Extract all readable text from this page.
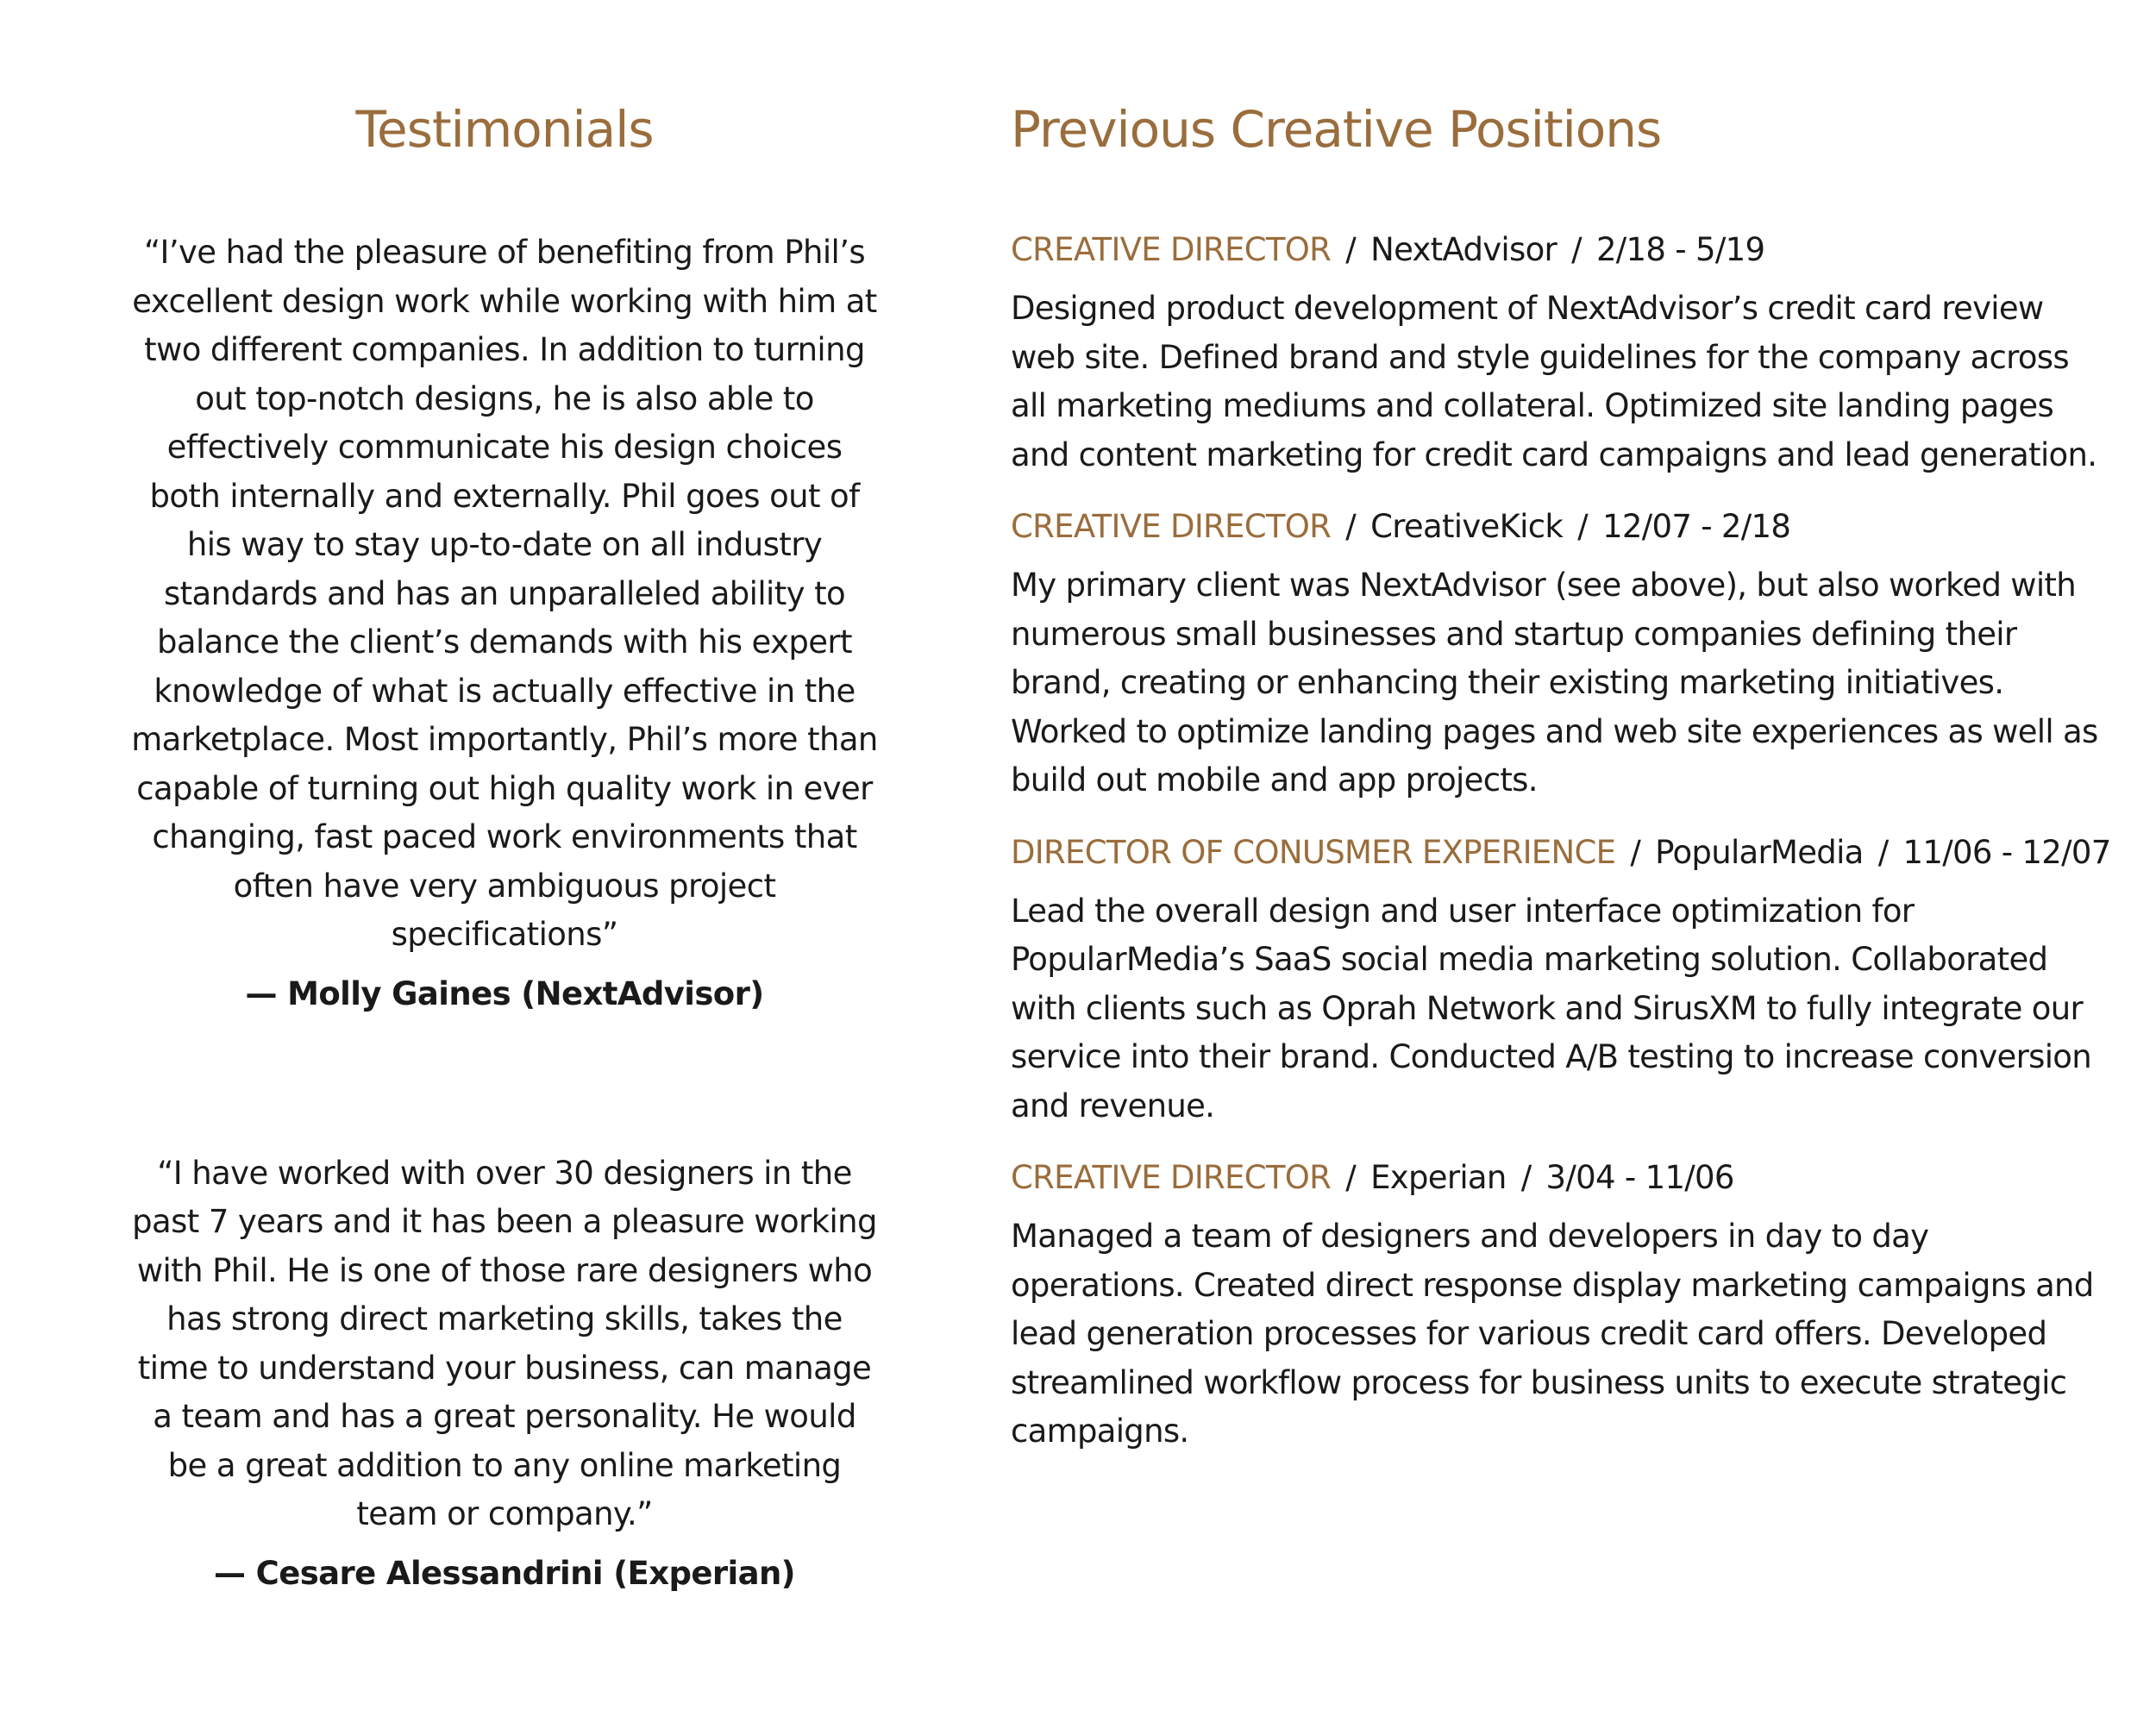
Testimonials

“I’ve had the pleasure of benefiting from Phil’s excellent design work while working with him at two different companies. In addition to turning out top-notch designs, he is also able to effectively communicate his design choices both internally and externally. Phil goes out of his way to stay up-to-date on all industry standards and has an unparalleled ability to balance the client’s demands with his expert knowledge of what is actually effective in the marketplace. Most importantly, Phil’s more than capable of turning out high quality work in ever changing, fast paced work environments that often have very ambiguous project specifications”

— Molly Gaines (NextAdvisor)

“I have worked with over 30 designers in the past 7 years and it has been a pleasure working with Phil. He is one of those rare designers who has strong direct marketing skills, takes the time to understand your business, can manage a team and has a great personality. He would be a great addition to any online marketing team or company.”

— Cesare Alessandrini (Experian)

Previous Creative Positions

CREATIVE DIRECTOR / NextAdvisor / 2/18 - 5/19

Designed product development of NextAdvisor’s credit card review web site. Defined brand and style guidelines for the company across all marketing mediums and collateral. Optimized site landing pages and content marketing for credit card campaigns and lead generation.

CREATIVE DIRECTOR / CreativeKick / 12/07 - 2/18

My primary client was NextAdvisor (see above), but also worked with numerous small businesses and startup companies defining their brand, creating or enhancing their existing marketing initiatives. Worked to optimize landing pages and web site experiences as well as build out mobile and app projects.

DIRECTOR OF CONUSMER EXPERIENCE / PopularMedia / 11/06 - 12/07

Lead the overall design and user interface optimization for PopularMedia’s SaaS social media marketing solution. Collaborated with clients such as Oprah Network and SirusXM to fully integrate our service into their brand. Conducted A/B testing to increase conversion and revenue.

CREATIVE DIRECTOR / Experian / 3/04 - 11/06

Managed a team of designers and developers in day to day operations. Created direct response display marketing campaigns and lead generation processes for various credit card offers. Developed streamlined workflow process for business units to execute strategic campaigns.
